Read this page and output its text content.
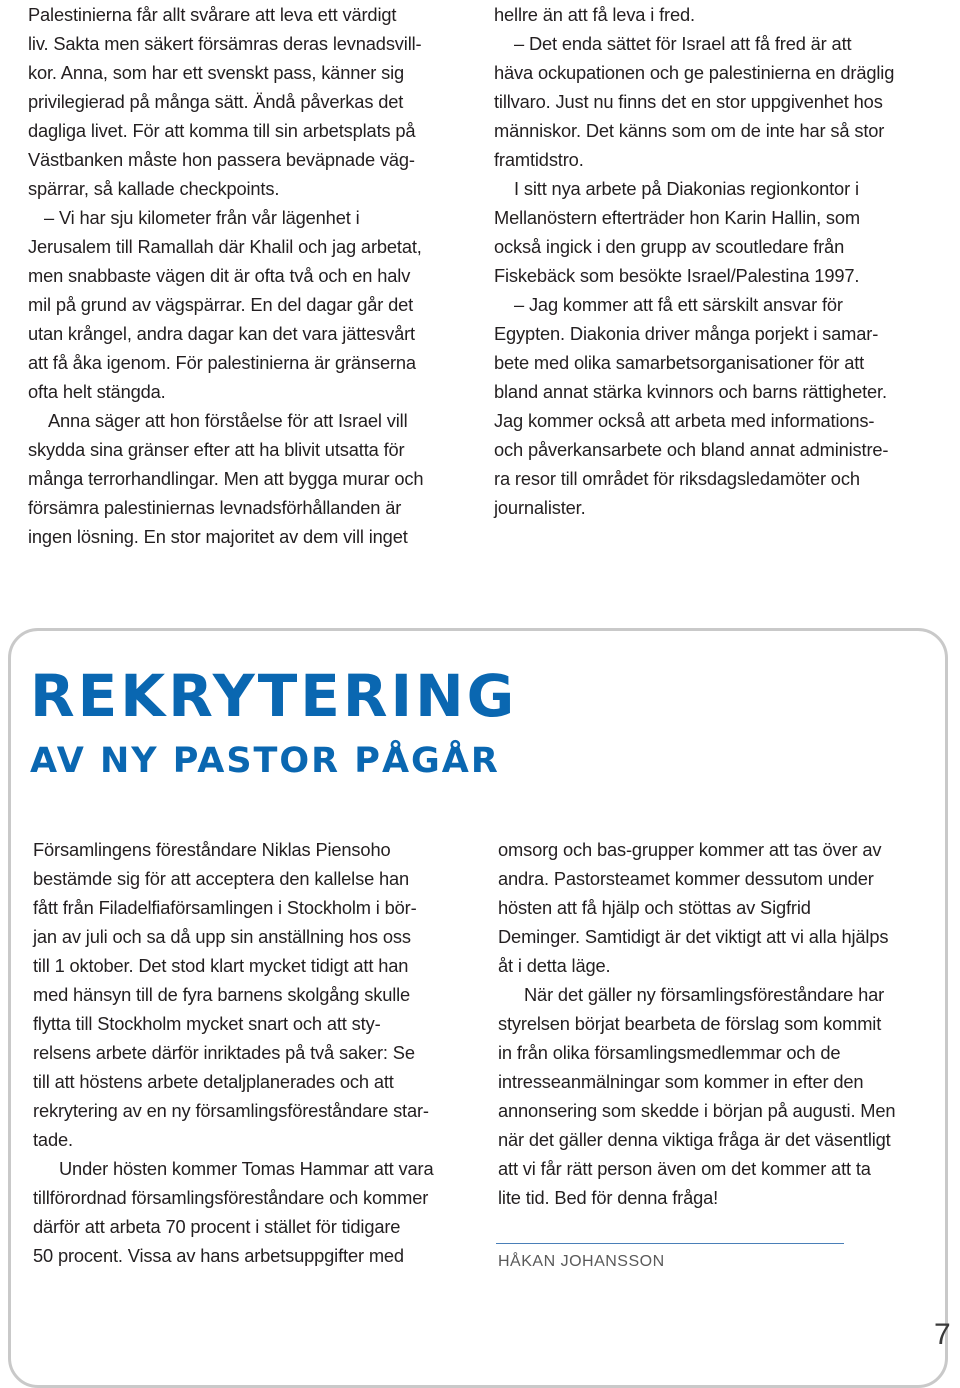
Palestinierna får allt svårare att leva ett värdigt

liv. Sakta men säkert försämras deras levnadsvill-

kor. Anna, som har ett svenskt pass, känner sig

privilegierad på många sätt. Ändå påverkas det

dagliga livet. För att komma till sin arbetsplats på

Västbanken måste hon passera beväpnade väg-

spärrar, så kallade checkpoints.

– Vi har sju kilometer från vår lägenhet i

Jerusalem till Ramallah där Khalil och jag arbetat,

men snabbaste vägen dit är ofta två och en halv

mil på grund av vägspärrar. En del dagar går det

utan krångel, andra dagar kan det vara jättesvårt

att få åka igenom. För palestinierna är gränserna

ofta helt stängda.

Anna säger att hon förståelse för att Israel vill

skydda sina gränser efter att ha blivit utsatta för

många terrorhandlingar. Men att bygga murar och

försämra palestiniernas levnadsförhållanden är

ingen lösning. En stor majoritet av dem vill inget

hellre än att få leva i fred.

– Det enda sättet för Israel att få fred är att

häva ockupationen och ge palestinierna en dräglig

tillvaro. Just nu finns det en stor uppgivenhet hos

människor. Det känns som om de inte har så stor

framtidstro.

I sitt nya arbete på Diakonias regionkontor i

Mellanöstern efterträder hon Karin Hallin, som

också ingick i den grupp av scoutledare från

Fiskebäck som besökte Israel/Palestina 1997.

– Jag kommer att få ett särskilt ansvar för

Egypten. Diakonia driver många porjekt i samar-

bete med olika samarbetsorganisationer för att

bland annat stärka kvinnors och barns rättigheter.

Jag kommer också att arbeta med informations-

och påverkansarbete och bland annat administre-

ra resor till området för riksdagsledamöter och

journalister.

REKRYTERING
AV NY PASTOR PÅGÅR

Församlingens föreståndare Niklas Piensoho

bestämde sig för att acceptera den kallelse han

fått från Filadelfiaförsamlingen i Stockholm i bör-

jan av juli och sa då upp sin anställning hos oss

till 1 oktober. Det stod klart mycket tidigt att han

med hänsyn till de fyra barnens skolgång skulle

flytta till Stockholm mycket snart och att sty-

relsens arbete därför inriktades på två saker: Se

till att höstens arbete detaljplanerades och att

rekrytering av en ny församlingsföreståndare star-

tade.

Under hösten kommer Tomas Hammar att vara

tillförordnad församlingsföreståndare och kommer

därför att arbeta 70 procent i stället för tidigare

50 procent. Vissa av hans arbetsuppgifter med

omsorg och bas-grupper kommer att tas över av

andra. Pastorsteamet kommer dessutom under

hösten att få hjälp och stöttas av Sigfrid

Deminger. Samtidigt är det viktigt att vi alla hjälps

åt i detta läge.

När det gäller ny församlingsföreståndare har

styrelsen börjat bearbeta de förslag som kommit

in från olika församlingsmedlemmar och de

intresseanmälningar som kommer in efter den

annonsering som skedde i början på augusti. Men

när det gäller denna viktiga fråga är det väsentligt

att vi får rätt person även om det kommer att ta

lite tid. Bed för denna fråga!

HÅKAN JOHANSSON
7
